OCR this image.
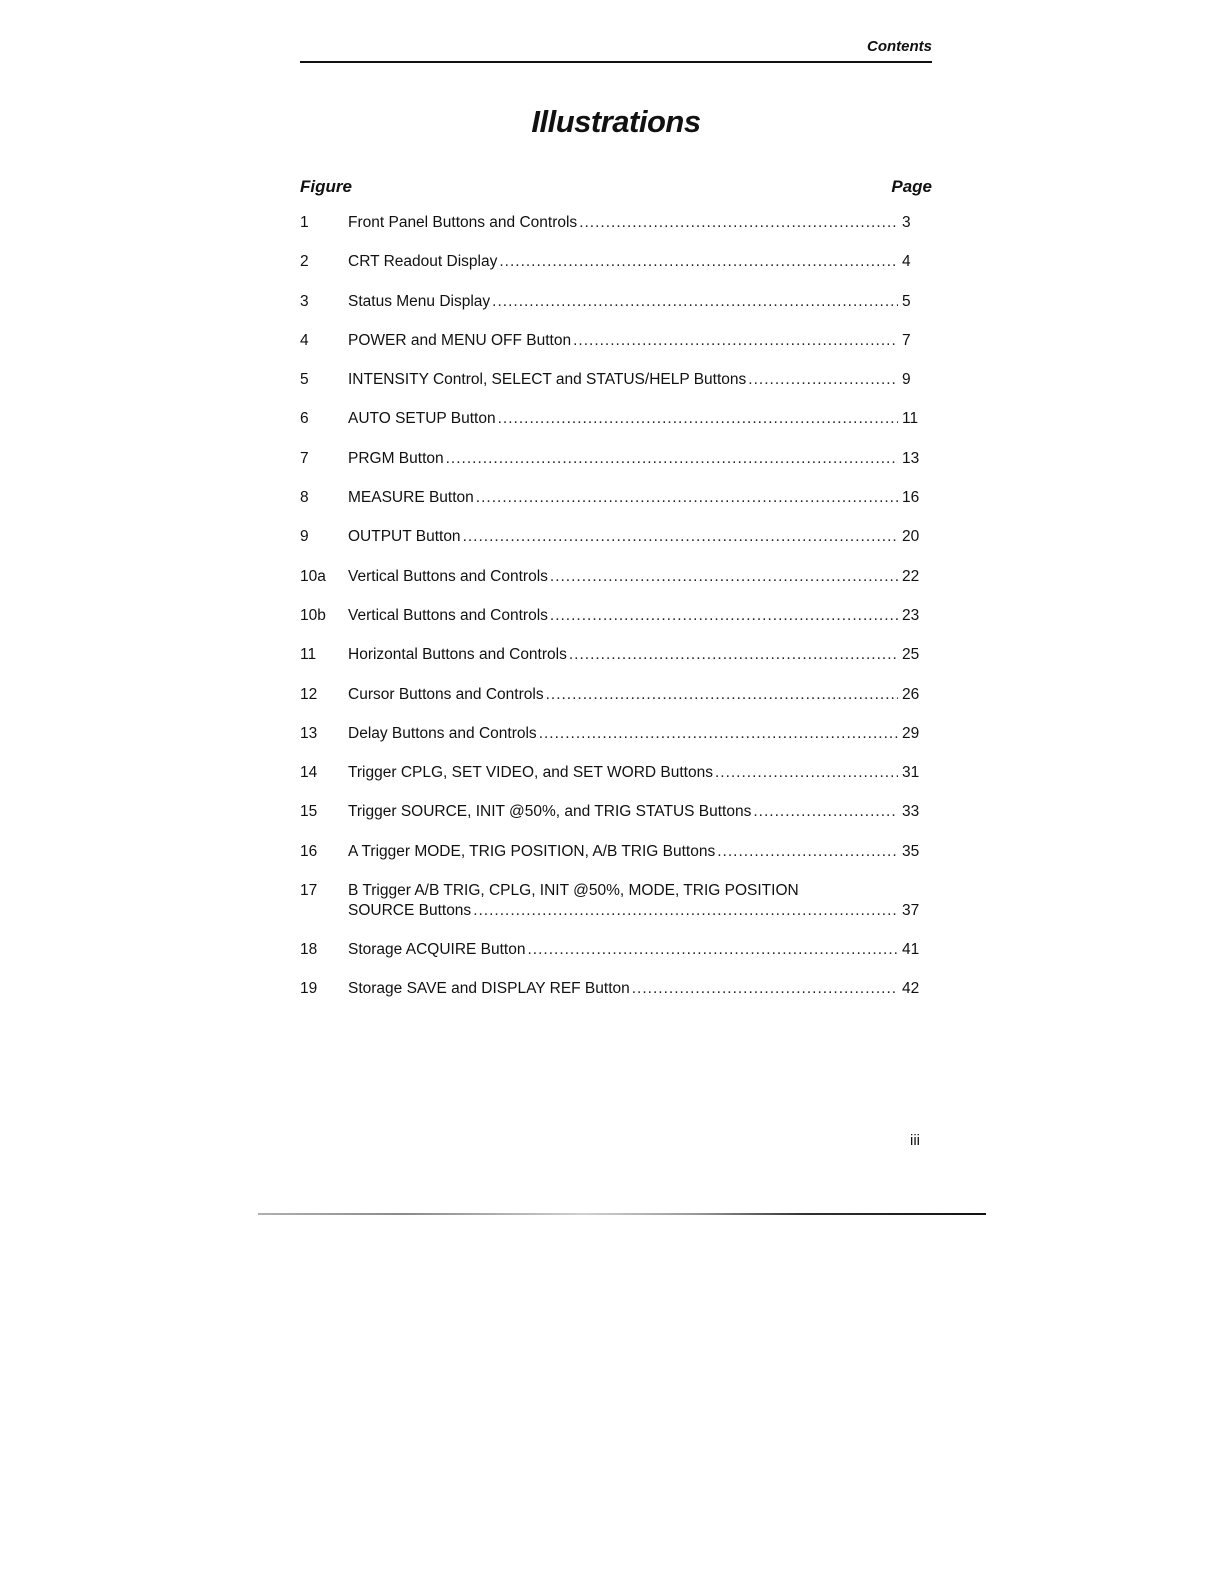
Contents
Illustrations
Figure	Page
1	Front Panel Buttons and Controls .....	3
2	CRT Readout Display .....	4
3	Status Menu Display .....	5
4	POWER and MENU OFF Button .....	7
5	INTENSITY Control, SELECT and STATUS/HELP Buttons .....	9
6	AUTO SETUP Button .....	11
7	PRGM Button .....	13
8	MEASURE Button .....	16
9	OUTPUT Button .....	20
10a Vertical Buttons and Controls .....	22
10b Vertical Buttons and Controls .....	23
11 Horizontal Buttons and Controls .....	25
12 Cursor Buttons and Controls .....	26
13 Delay Buttons and Controls .....	29
14 Trigger CPLG, SET VIDEO, and SET WORD Buttons .....	31
15 Trigger SOURCE, INIT @50%, and TRIG STATUS Buttons .....	33
16 A Trigger MODE, TRIG POSITION, A/B TRIG Buttons .....	35
17 B Trigger A/B TRIG, CPLG, INIT @50%, MODE, TRIG POSITION
SOURCE Buttons .....	37
18 Storage ACQUIRE Button .....	41
19 Storage SAVE and DISPLAY REF Button .....	42
iii
